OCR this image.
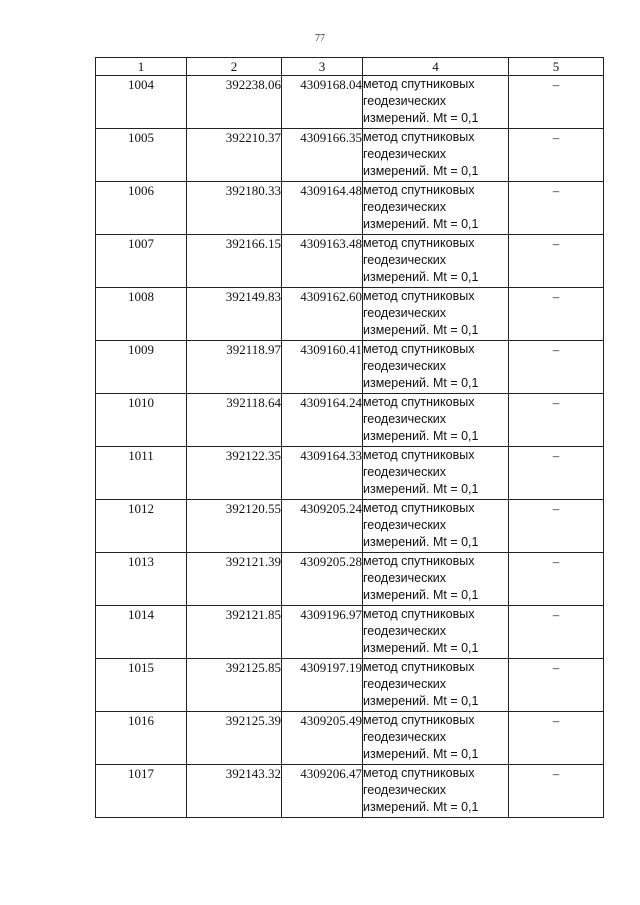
77
1	2	3	4	5
1004	392238.06	4309168.04	метод спутниковых
геодезических
измерений. Mt = 0,1	–
1005	392210.37	4309166.35	метод спутниковых
геодезических
измерений. Mt = 0,1	–
1006	392180.33	4309164.48	метод спутниковых
геодезических
измерений. Mt = 0,1	–
1007	392166.15	4309163.48	метод спутниковых
геодезических
измерений. Mt = 0,1	–
1008	392149.83	4309162.60	метод спутниковых
геодезических
измерений. Mt = 0,1	–
1009	392118.97	4309160.41	метод спутниковых
геодезических
измерений. Mt = 0,1	–
1010	392118.64	4309164.24	метод спутниковых
геодезических
измерений. Mt = 0,1	–
1011	392122.35	4309164.33	метод спутниковых
геодезических
измерений. Mt = 0,1	–
1012	392120.55	4309205.24	метод спутниковых
геодезических
измерений. Mt = 0,1	–
1013	392121.39	4309205.28	метод спутниковых
геодезических
измерений. Mt = 0,1	–
1014	392121.85	4309196.97	метод спутниковых
геодезических
измерений. Mt = 0,1	–
1015	392125.85	4309197.19	метод спутниковых
геодезических
измерений. Mt = 0,1	–
1016	392125.39	4309205.49	метод спутниковых
геодезических
измерений. Mt = 0,1	–
1017	392143.32	4309206.47	метод спутниковых
геодезических
измерений. Mt = 0,1	–
